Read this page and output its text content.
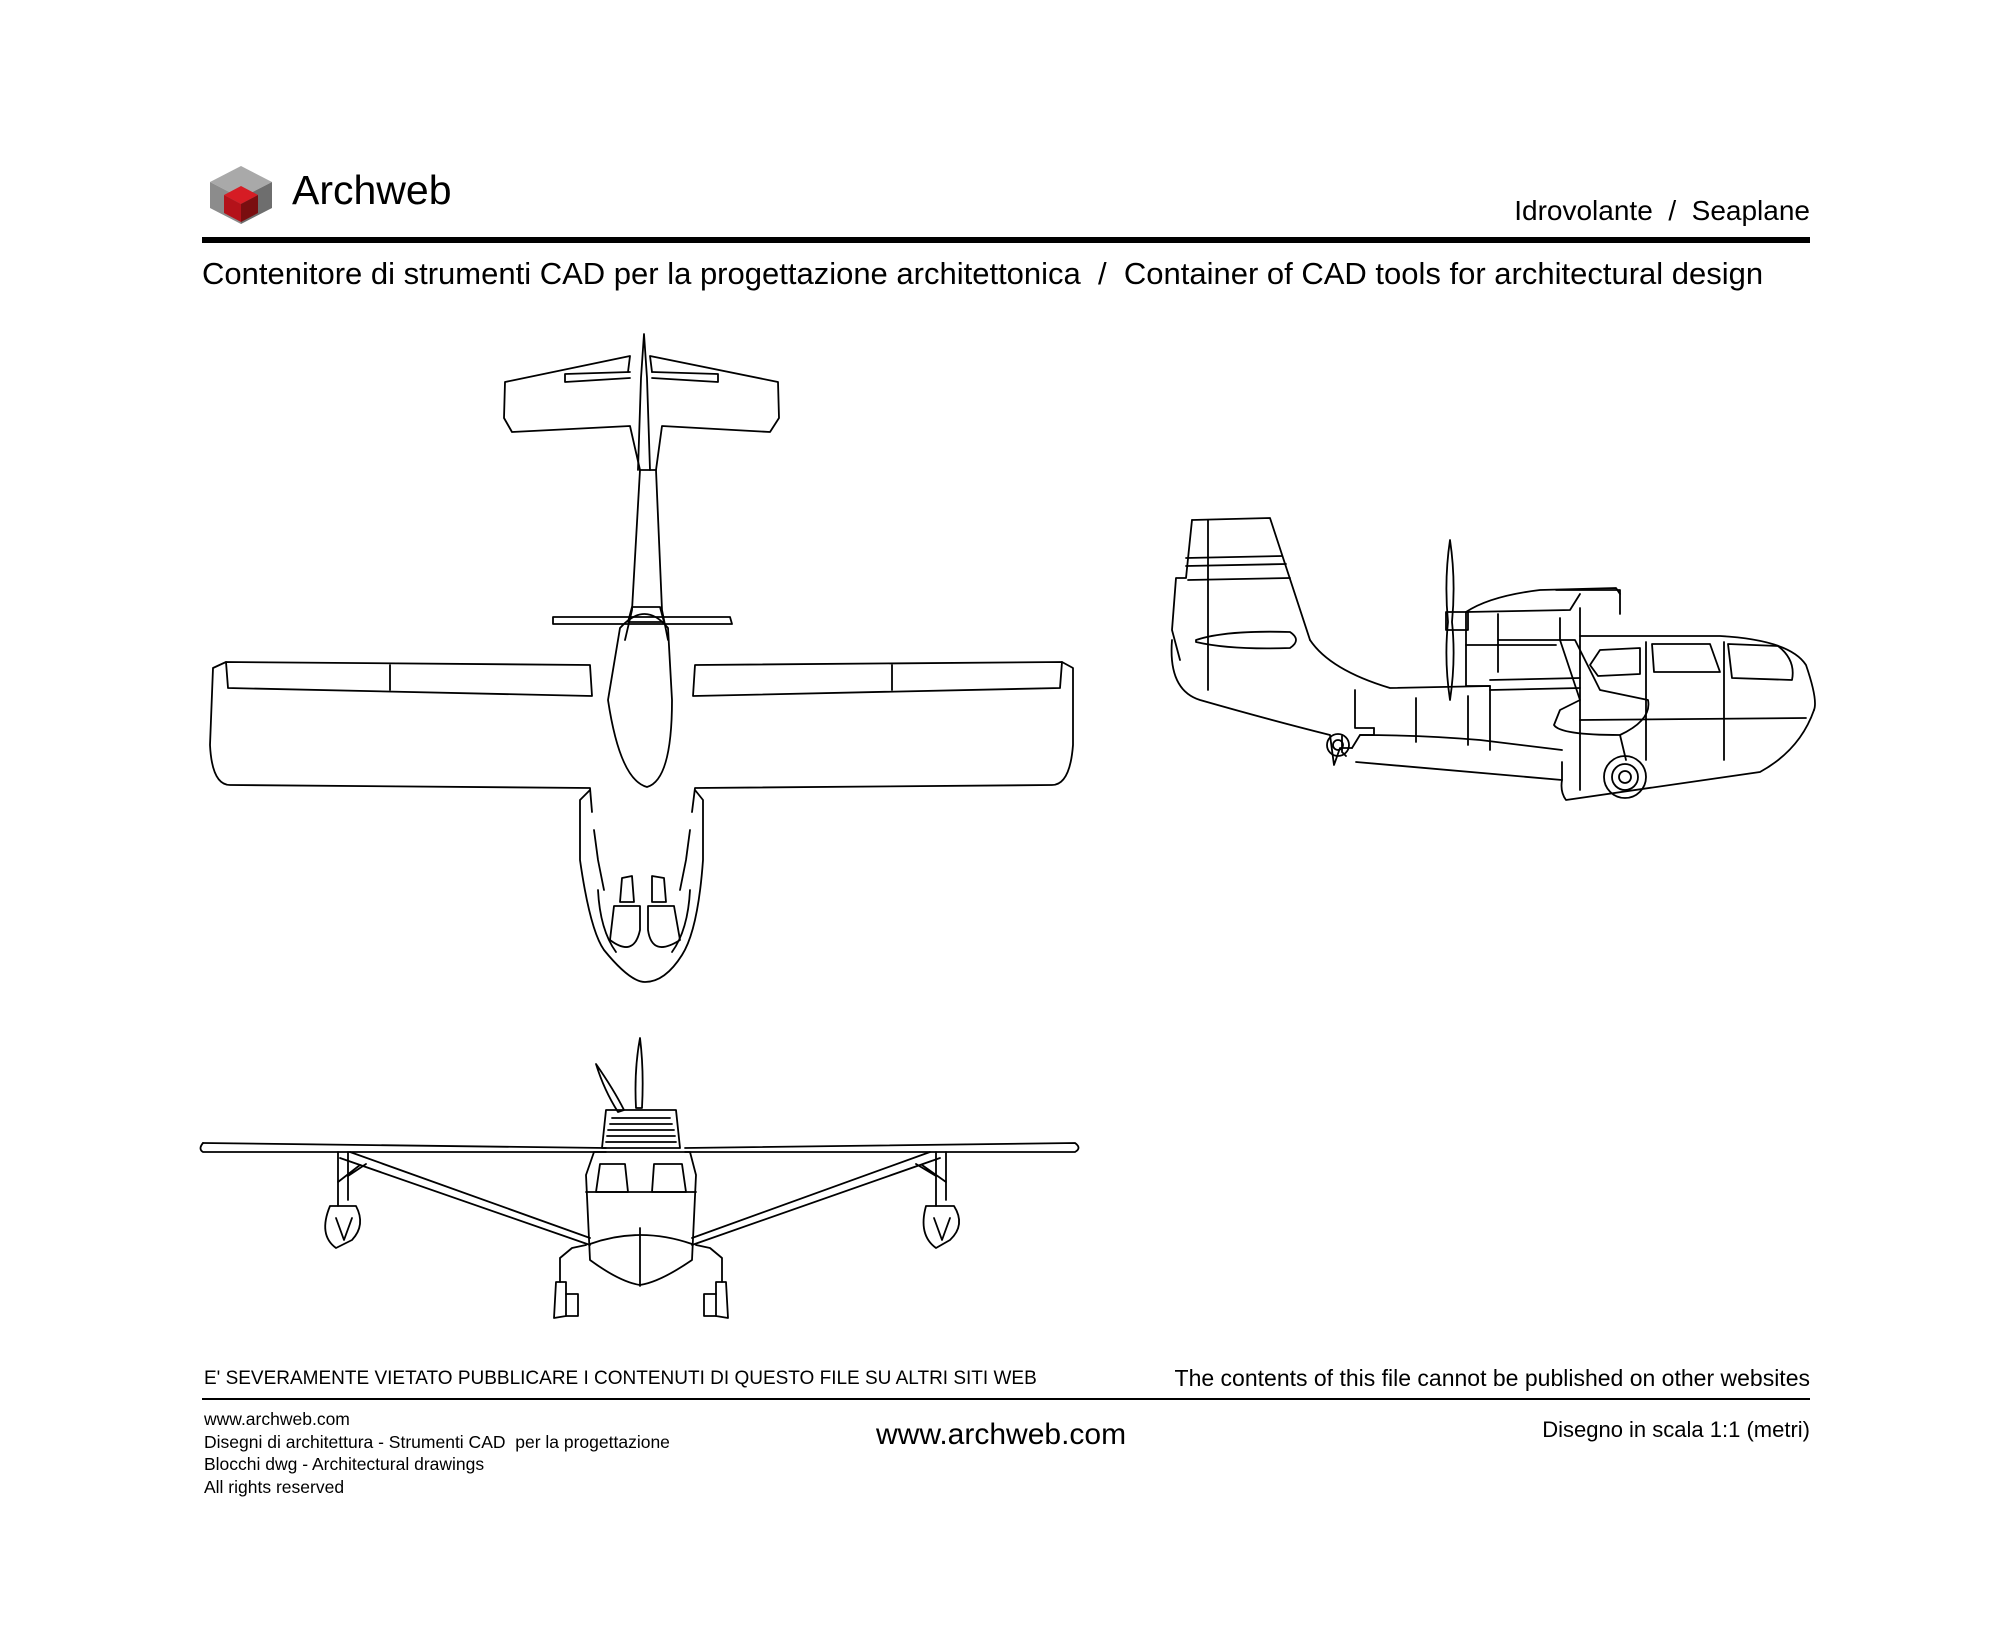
Archweb	Idrovolante  /  Seaplane
Contenitore di strumenti CAD per la progettazione architettonica  /  Container of CAD tools for architectural design
E' SEVERAMENTE VIETATO PUBBLICARE I CONTENUTI DI QUESTO FILE SU ALTRI SITI WEB	The contents of this file cannot be published on other websites
www.archweb.com
Disegni di architettura - Strumenti CAD  per la progettazione
Blocchi dwg - Architectural drawings
All rights reserved
www.archweb.com	Disegno in scala 1:1 (metri)
